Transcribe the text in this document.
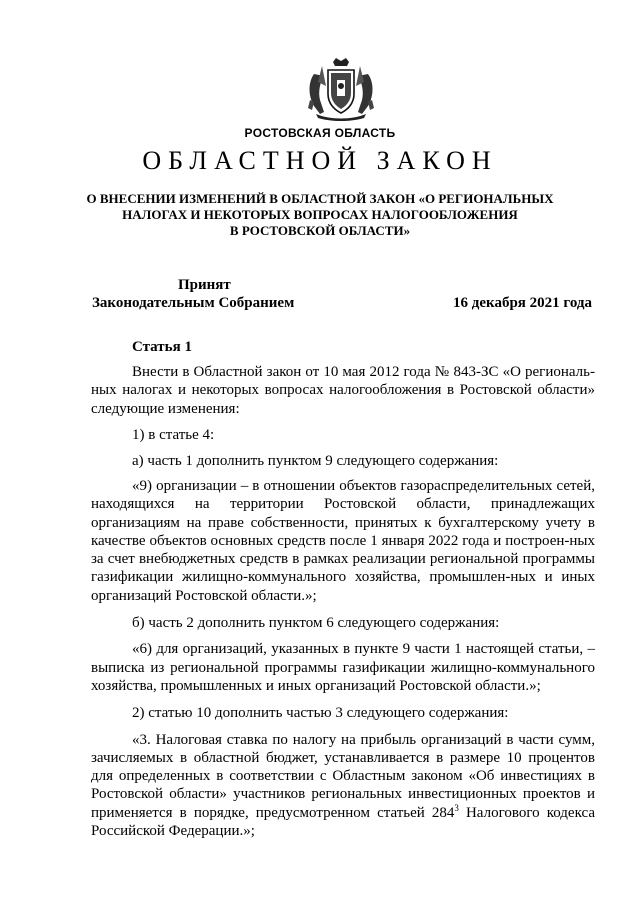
РОСТОВСКАЯ ОБЛАСТЬ
ОБЛАСТНОЙ ЗАКОН
О ВНЕСЕНИИ ИЗМЕНЕНИЙ В ОБЛАСТНОЙ ЗАКОН «О РЕГИОНАЛЬНЫХ
НАЛОГАХ И НЕКОТОРЫХ ВОПРОСАХ НАЛОГООБЛОЖЕНИЯ
В РОСТОВСКОЙ ОБЛАСТИ»
Принят
Законодательным Собранием	16 декабря 2021 года
Статья 1

Внести в Областной закон от 10 мая 2012 года № 843-ЗС «О региональ-ных налогах и некоторых вопросах налогообложения в Ростовской области» следующие изменения:

1) в статье 4:

а) часть 1 дополнить пунктом 9 следующего содержания:

«9) организации – в отношении объектов газораспределительных сетей, находящихся на территории Ростовской области, принадлежащих организациям на праве собственности, принятых к бухгалтерскому учету в качестве объектов основных средств после 1 января 2022 года и построен-ных за счет внебюджетных средств в рамках реализации региональной программы газификации жилищно-коммунального хозяйства, промышлен-ных и иных организаций Ростовской области.»;

б) часть 2 дополнить пунктом 6 следующего содержания:

«6) для организаций, указанных в пункте 9 части 1 настоящей статьи, – выписка из региональной программы газификации жилищно-коммунального хозяйства, промышленных и иных организаций Ростовской области.»;

2) статью 10 дополнить частью 3 следующего содержания:

«3. Налоговая ставка по налогу на прибыль организаций в части сумм, зачисляемых в областной бюджет, устанавливается в размере 10 процентов для определенных в соответствии с Областным законом «Об инвестициях в Ростовской области» участников региональных инвестиционных проектов и применяется в порядке, предусмотренном статьей $284^3$ Налогового кодекса Российской Федерации.»;
